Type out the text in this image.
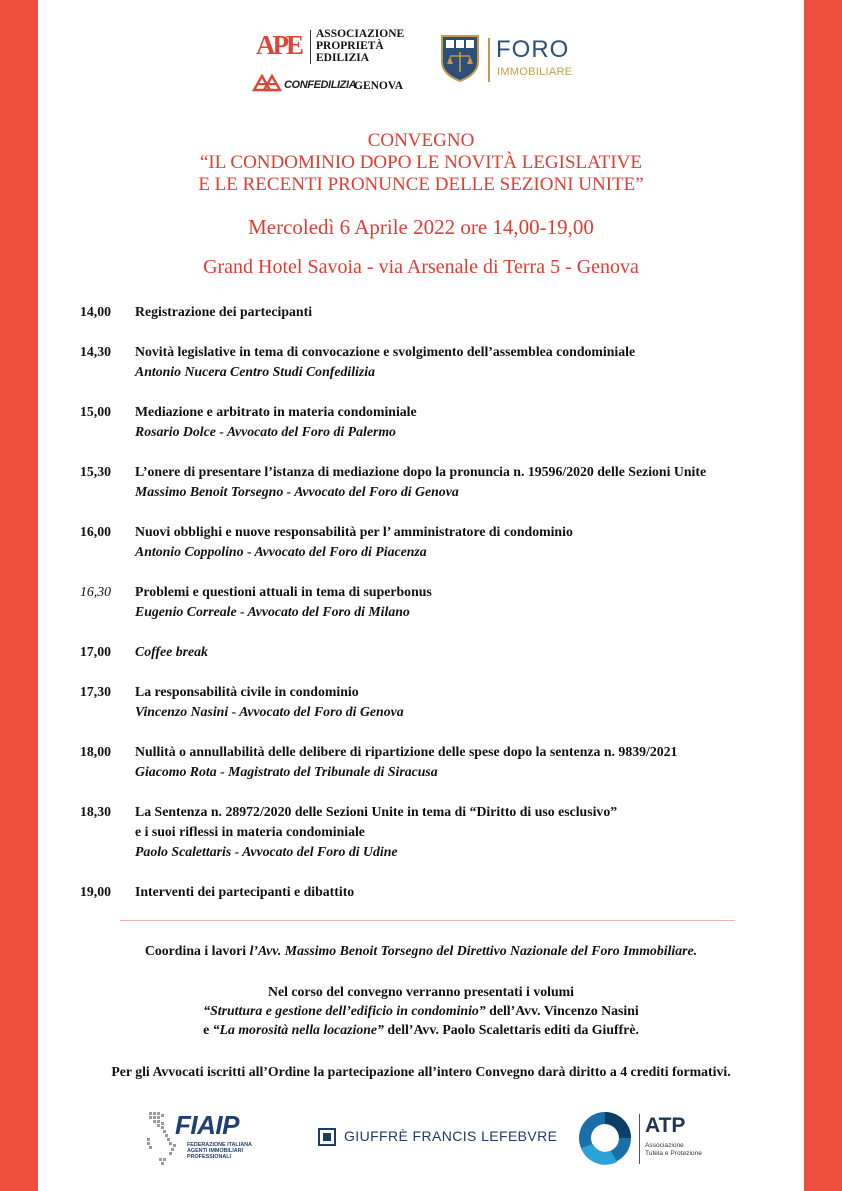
APE ASSOCIAZIONE
PROPRIETÀ
EDILIZIA
CONFEDILIZIA
GENOVA
FORO
IMMOBILIARE
CONVEGNO
“IL CONDOMINIO DOPO LE NOVITÀ LEGISLATIVE
E LE RECENTI PRONUNCE DELLE SEZIONI UNITE”
Mercoledì 6 Aprile 2022 ore 14,00-19,00
Grand Hotel Savoia - via Arsenale di Terra 5 - Genova
14,00	Registrazione dei partecipanti
14,30	Novità legislative in tema di convocazione e svolgimento dell’assemblea condominiale
Antonio Nucera Centro Studi Confedilizia
15,00	Mediazione e arbitrato in materia condominiale
Rosario Dolce - Avvocato del Foro di Palermo
15,30	L’onere di presentare l’istanza di mediazione dopo la pronuncia n. 19596/2020 delle Sezioni Unite
Massimo Benoit Torsegno - Avvocato del Foro di Genova
16,00	Nuovi obblighi e nuove responsabilità per l’ amministratore di condominio
Antonio Coppolino - Avvocato del Foro di Piacenza
16,30	Problemi e questioni attuali in tema di superbonus
Eugenio Correale - Avvocato del Foro di Milano
17,00	Coffee break
17,30	La responsabilità civile in condominio
Vincenzo Nasini - Avvocato del Foro di Genova
18,00	Nullità o annullabilità delle delibere di ripartizione delle spese dopo la sentenza n. 9839/2021
Giacomo Rota - Magistrato del Tribunale di Siracusa
18,30	La Sentenza n. 28972/2020 delle Sezioni Unite in tema di “Diritto di uso esclusivo”
e i suoi riflessi in materia condominiale
Paolo Scalettaris - Avvocato del Foro di Udine
19,00	Interventi dei partecipanti e dibattito
Coordina i lavori l’Avv. Massimo Benoit Torsegno del Direttivo Nazionale del Foro Immobiliare.
Nel corso del convegno verranno presentati i volumi
“Struttura e gestione dell’edificio in condominio” dell’Avv. Vincenzo Nasini
e “La morosità nella locazione” dell’Avv. Paolo Scalettaris editi da Giuffrè.
Per gli Avvocati iscritti all’Ordine la partecipazione all’intero Convegno darà diritto a 4 crediti formativi.
FIAIP
FEDERAZIONE ITALIANA
AGENTI IMMOBILIARI
PROFESSIONALI
GIUFFRÈ FRANCIS LEFEBVRE	ATP
Associazione
Tutela e Protezione
